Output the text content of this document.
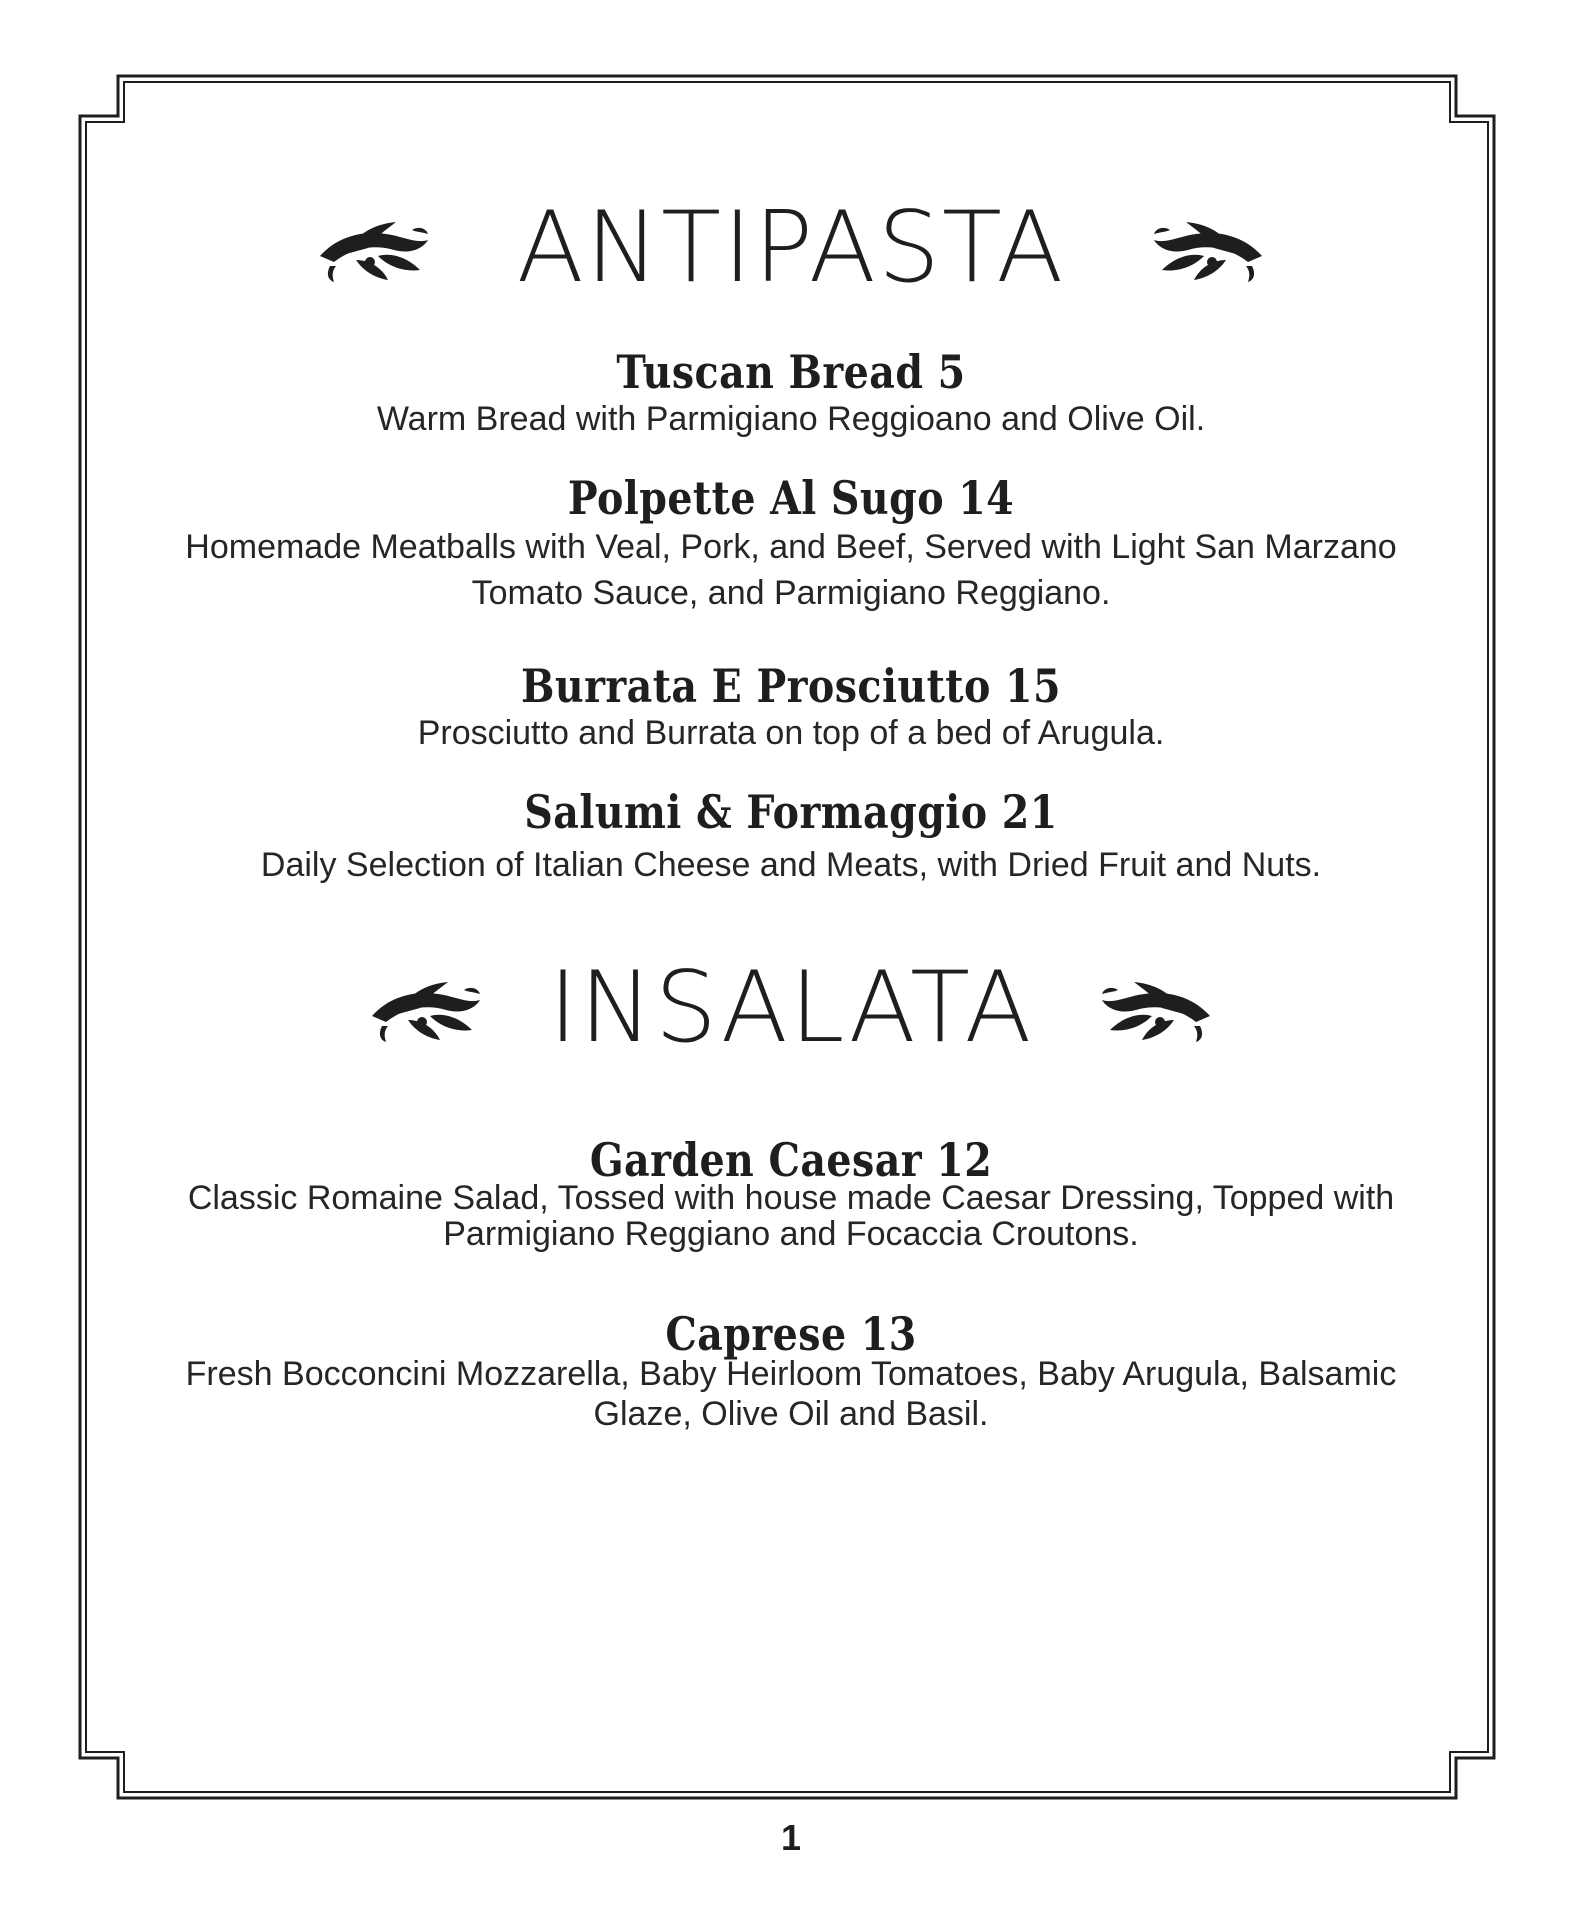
ANTIPASTA
Tuscan Bread 5
Warm Bread with Parmigiano Reggioano and Olive Oil.
Polpette Al Sugo 14
Homemade Meatballs with Veal, Pork, and Beef, Served with Light San Marzano Tomato Sauce, and Parmigiano Reggiano.
Burrata E Prosciutto 15
Prosciutto and Burrata on top of a bed of Arugula.
Salumi & Formaggio 21
Daily Selection of Italian Cheese and Meats, with Dried Fruit and Nuts.
INSALATA
Garden Caesar 12
Classic Romaine Salad, Tossed with house made Caesar Dressing, Topped with Parmigiano Reggiano and Focaccia Croutons.
Caprese 13
Fresh Bocconcini Mozzarella, Baby Heirloom Tomatoes, Baby Arugula, Balsamic Glaze, Olive Oil and Basil.
1
